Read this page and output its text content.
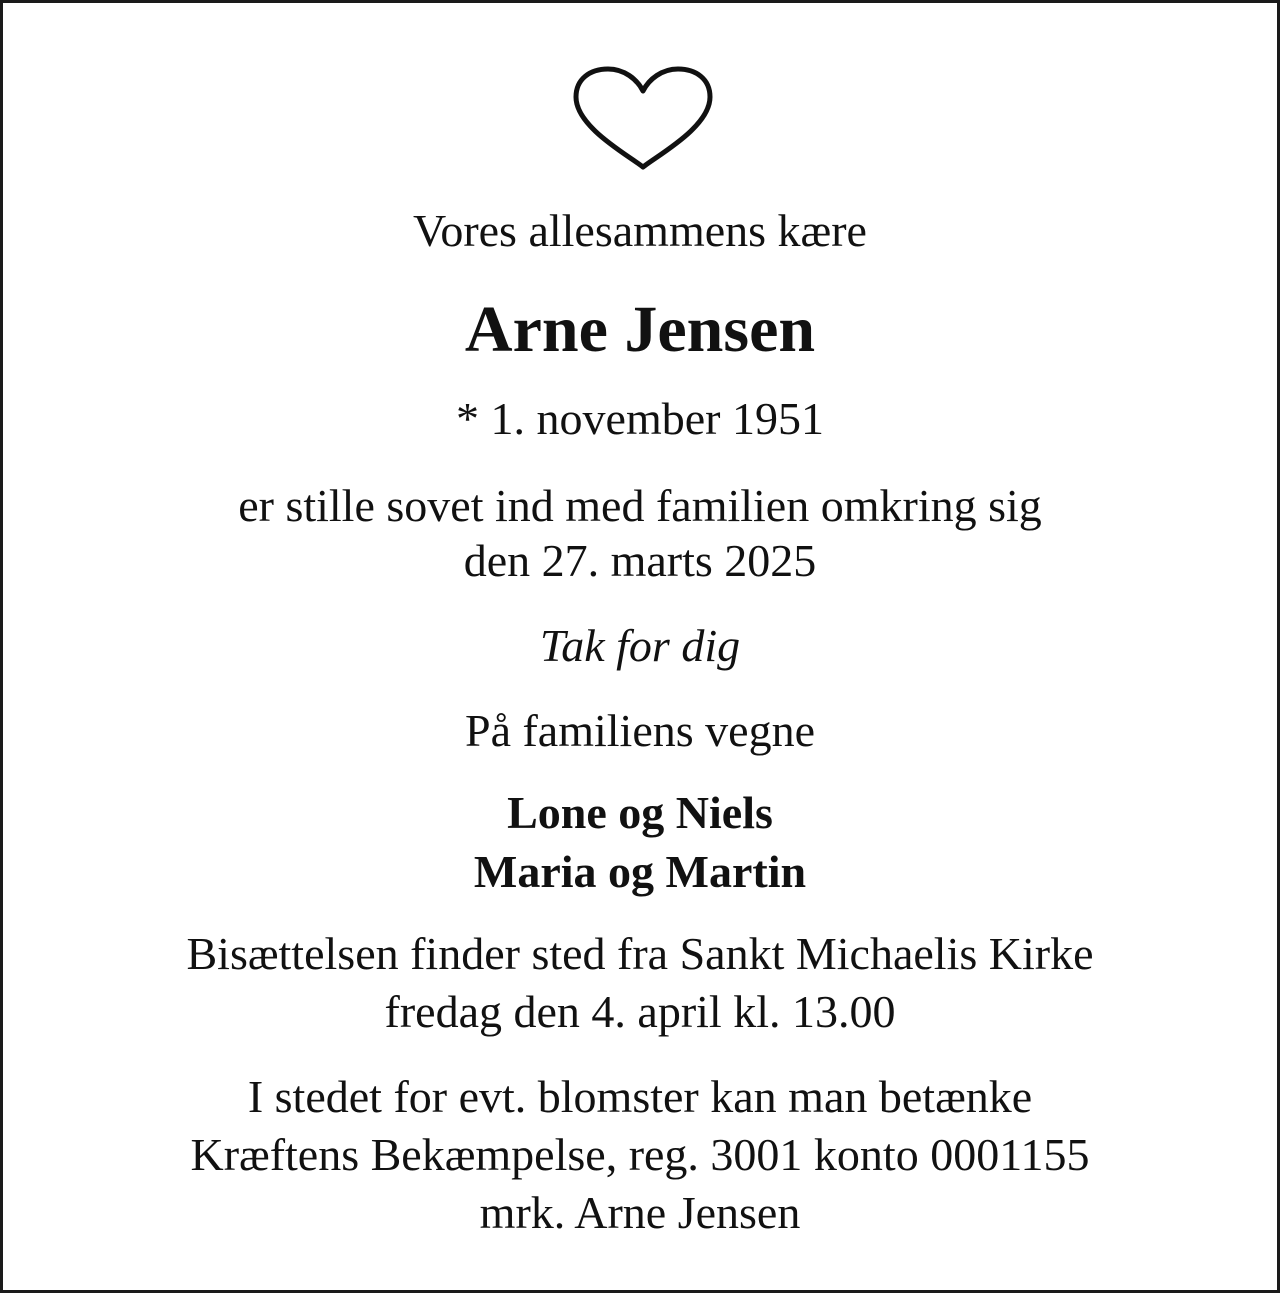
Vores allesammens kære
Arne Jensen
* 1. november 1951
er stille sovet ind med familien omkring sig
den 27. marts 2025
Tak for dig
På familiens vegne
Lone og Niels
Maria og Martin
Bisættelsen finder sted fra Sankt Michaelis Kirke
fredag den 4. april kl. 13.00
I stedet for evt. blomster kan man betænke
Kræftens Bekæmpelse, reg. 3001 konto 0001155
mrk. Arne Jensen
